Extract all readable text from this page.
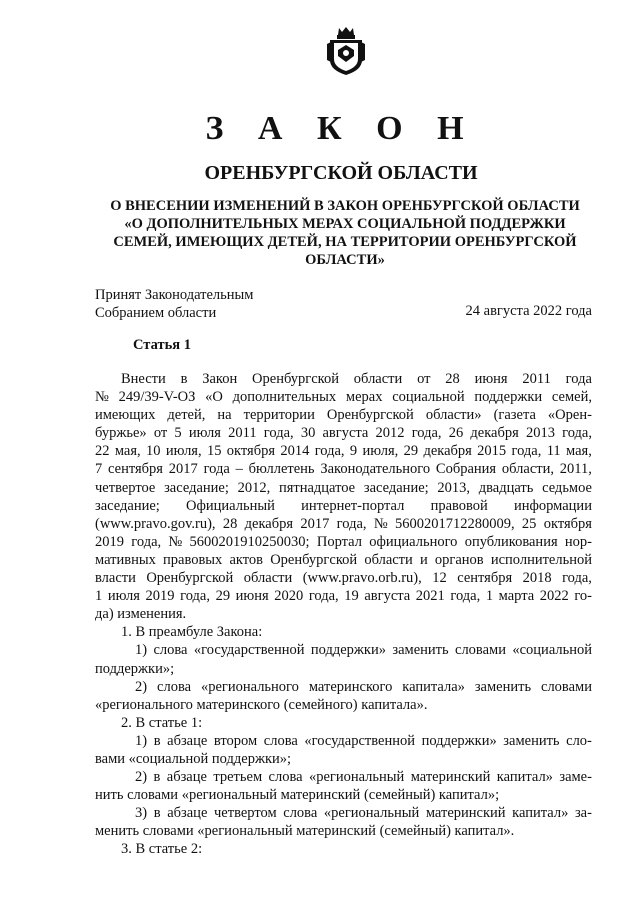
З А К О Н
ОРЕНБУРГСКОЙ ОБЛАСТИ
О ВНЕСЕНИИ ИЗМЕНЕНИЙ В ЗАКОН ОРЕНБУРГСКОЙ ОБЛАСТИ
«О ДОПОЛНИТЕЛЬНЫХ МЕРАХ СОЦИАЛЬНОЙ ПОДДЕРЖКИ
СЕМЕЙ, ИМЕЮЩИХ ДЕТЕЙ, НА ТЕРРИТОРИИ ОРЕНБУРГСКОЙ
ОБЛАСТИ»
Принят Законодательным
Собранием области	24 августа 2022 года
Статья 1
Внести в Закон Оренбургской области от 28 июня 2011 года
№ 249/39-V-ОЗ «О дополнительных мерах социальной поддержки семей,
имеющих детей, на территории Оренбургской области» (газета «Орен-
буржье» от 5 июля 2011 года, 30 августа 2012 года, 26 декабря 2013 года,
22 мая, 10 июля, 15 октября 2014 года, 9 июля, 29 декабря 2015 года, 11 мая,
7 сентября 2017 года – бюллетень Законодательного Собрания области, 2011,
четвертое заседание; 2012, пятнадцатое заседание; 2013, двадцать седьмое
заседание; Официальный интернет-портал правовой информации
(www.pravo.gov.ru), 28 декабря 2017 года, № 5600201712280009, 25 октября
2019 года, № 5600201910250030; Портал официального опубликования нор-
мативных правовых актов Оренбургской области и органов исполнительной
власти Оренбургской области (www.pravo.orb.ru), 12 сентября 2018 года,
1 июля 2019 года, 29 июня 2020 года, 19 августа 2021 года, 1 марта 2022 го-
да) изменения.
1. В преамбуле Закона:
1) слова «государственной поддержки» заменить словами «социальной
поддержки»;
2) слова «регионального материнского капитала» заменить словами
«регионального материнского (семейного) капитала».
2. В статье 1:
1) в абзаце втором слова «государственной поддержки» заменить сло-
вами «социальной поддержки»;
2) в абзаце третьем слова «региональный материнский капитал» заме-
нить словами «региональный материнский (семейный) капитал»;
3) в абзаце четвертом слова «региональный материнский капитал» за-
менить словами «региональный материнский (семейный) капитал».
3. В статье 2:
